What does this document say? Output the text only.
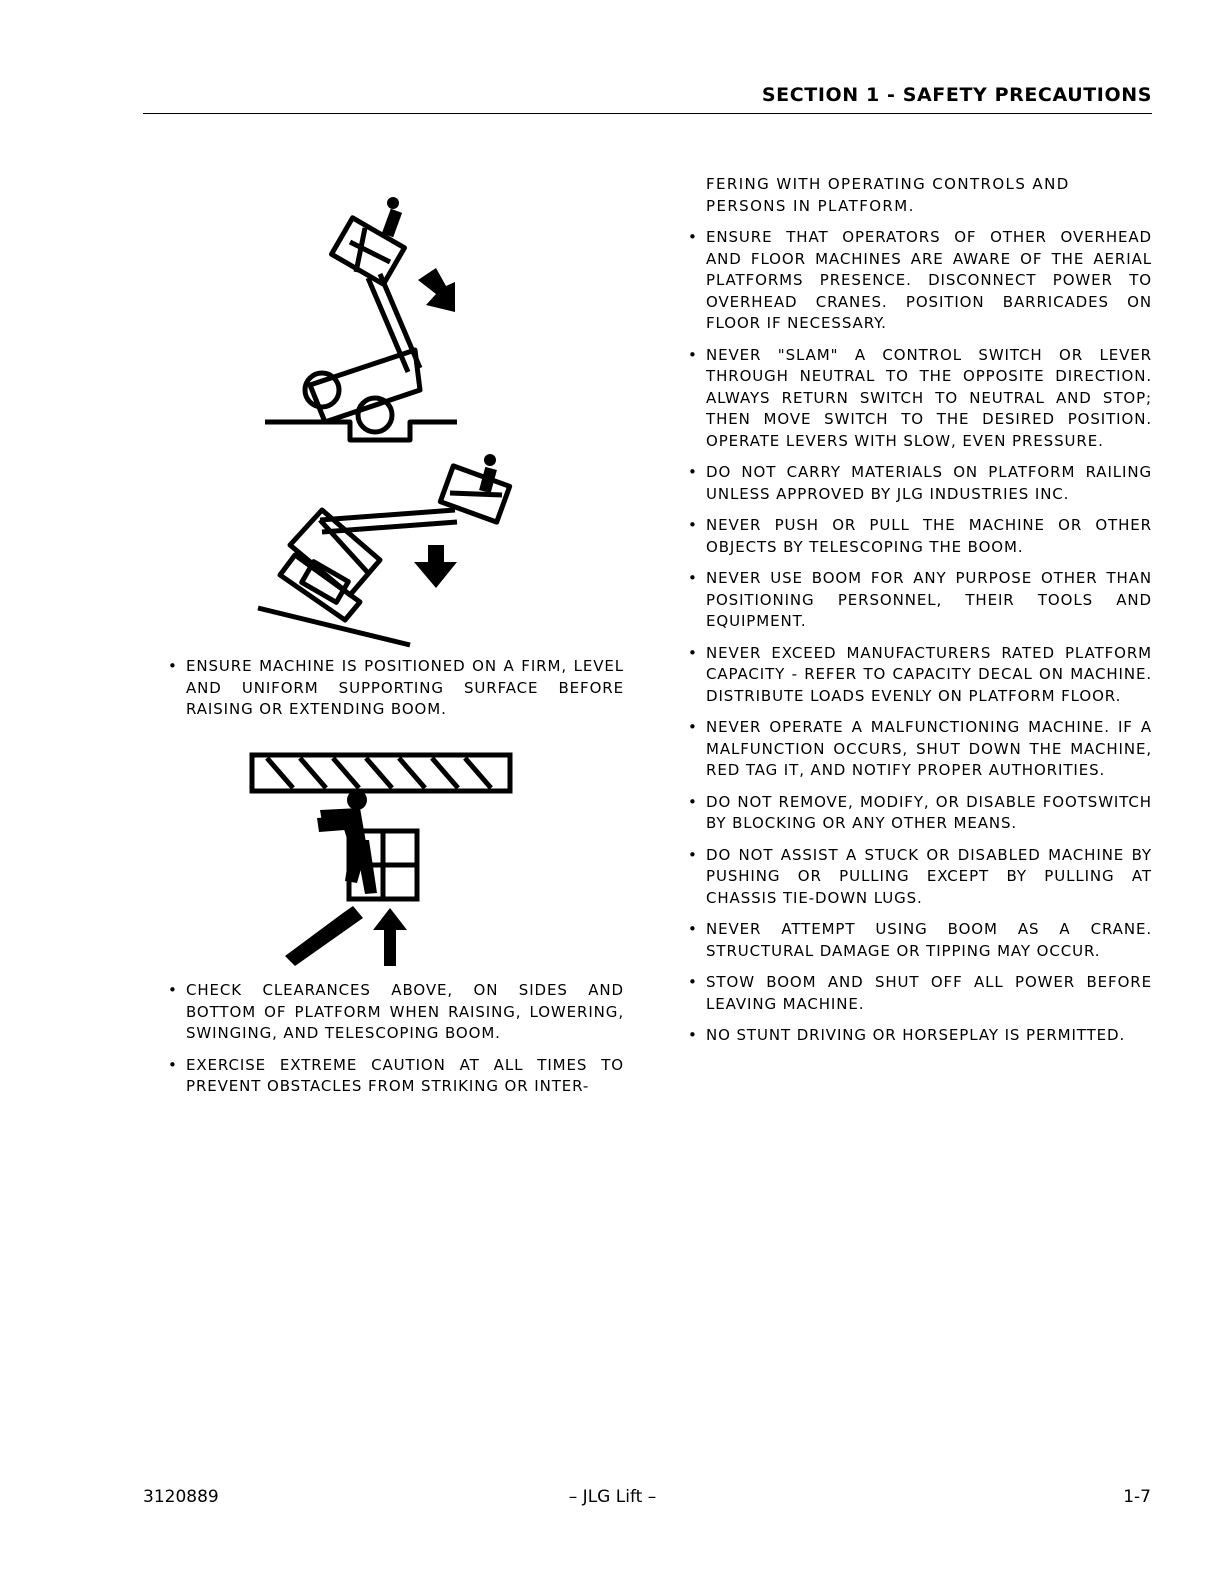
SECTION 1 - SAFETY PRECAUTIONS
• ENSURE MACHINE IS POSITIONED ON A FIRM, LEVEL AND UNIFORM SUPPORTING SURFACE BEFORE RAISING OR EXTENDING BOOM.
• CHECK CLEARANCES ABOVE, ON SIDES AND BOTTOM OF PLATFORM WHEN RAISING, LOWERING, SWINGING, AND TELESCOPING BOOM.
• EXERCISE EXTREME CAUTION AT ALL TIMES TO PREVENT OBSTACLES FROM STRIKING OR INTER-
FERING WITH OPERATING CONTROLS AND PERSONS IN PLATFORM.
• ENSURE THAT OPERATORS OF OTHER OVERHEAD AND FLOOR MACHINES ARE AWARE OF THE AERIAL PLATFORMS PRESENCE. DISCONNECT POWER TO OVERHEAD CRANES. POSITION BARRICADES ON FLOOR IF NECESSARY.
• NEVER "SLAM" A CONTROL SWITCH OR LEVER THROUGH NEUTRAL TO THE OPPOSITE DIRECTION. ALWAYS RETURN SWITCH TO NEUTRAL AND STOP; THEN MOVE SWITCH TO THE DESIRED POSITION. OPERATE LEVERS WITH SLOW, EVEN PRESSURE.
• DO NOT CARRY MATERIALS ON PLATFORM RAILING UNLESS APPROVED BY JLG INDUSTRIES INC.
• NEVER PUSH OR PULL THE MACHINE OR OTHER OBJECTS BY TELESCOPING THE BOOM.
• NEVER USE BOOM FOR ANY PURPOSE OTHER THAN POSITIONING PERSONNEL, THEIR TOOLS AND EQUIPMENT.
• NEVER EXCEED MANUFACTURERS RATED PLATFORM CAPACITY - REFER TO CAPACITY DECAL ON MACHINE. DISTRIBUTE LOADS EVENLY ON PLATFORM FLOOR.
• NEVER OPERATE A MALFUNCTIONING MACHINE. IF A MALFUNCTION OCCURS, SHUT DOWN THE MACHINE, RED TAG IT, AND NOTIFY PROPER AUTHORITIES.
• DO NOT REMOVE, MODIFY, OR DISABLE FOOTSWITCH BY BLOCKING OR ANY OTHER MEANS.
• DO NOT ASSIST A STUCK OR DISABLED MACHINE BY PUSHING OR PULLING EXCEPT BY PULLING AT CHASSIS TIE-DOWN LUGS.
• NEVER ATTEMPT USING BOOM AS A CRANE. STRUCTURAL DAMAGE OR TIPPING MAY OCCUR.
• STOW BOOM AND SHUT OFF ALL POWER BEFORE LEAVING MACHINE.
• NO STUNT DRIVING OR HORSEPLAY IS PERMITTED.
3120889	– JLG Lift –	1-7
